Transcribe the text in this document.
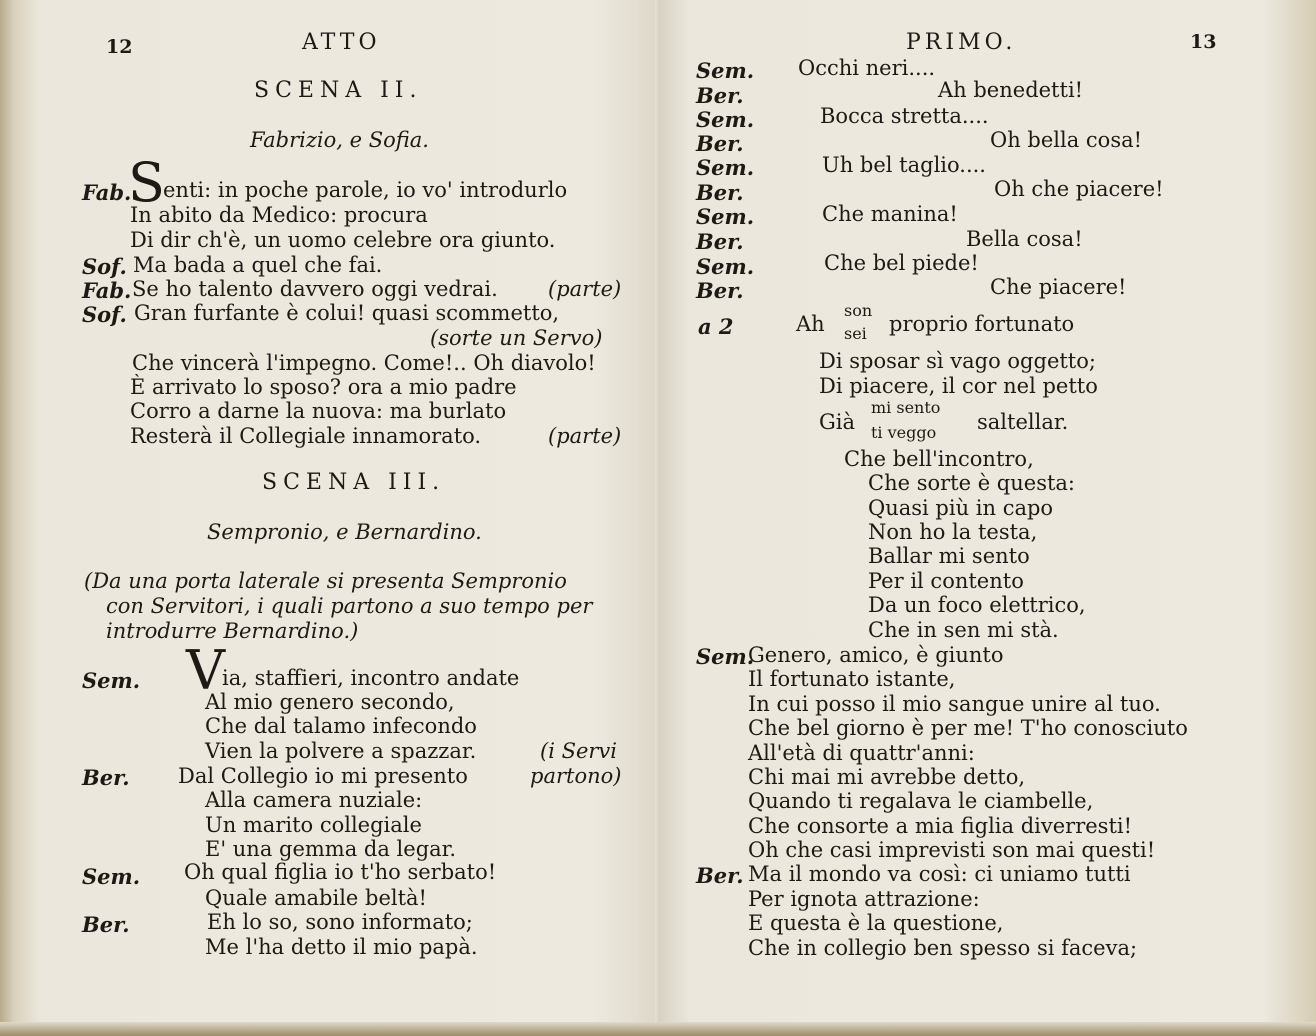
12	ATTO
SCENA II.
Fabrizio, e Sofia.
Fab.
S
enti: in poche parole, io vo' introdurlo
In abito da Medico: procura
Di dir ch'è, un uomo celebre ora giunto.
Sof. Ma bada a quel che fai.
Fab. Se ho talento davvero oggi vedrai. (parte)
Sof. Gran furfante è colui! quasi scommetto,
(sorte un Servo)
Che vincerà l'impegno. Come!.. Oh diavolo!
È arrivato lo sposo? ora a mio padre
Corro a darne la nuova: ma burlato
Resterà il Collegiale innamorato.	(parte)
SCENA III.
Sempronio, e Bernardino.
(Da una porta laterale si presenta Sempronio
con Servitori, i quali partono a suo tempo per
introdurre Bernardino.)
Sem. V
ia, staffieri, incontro andate
Al mio genero secondo,
Che dal talamo infecondo
Vien la polvere a spazzar.	(i Servi
Ber. Dal Collegio io mi presento	partono)
Alla camera nuziale:
Un marito collegiale
E' una gemma da legar.
Sem. Oh qual figlia io t'ho serbato!
Quale amabile beltà!
Ber.	Eh lo so, sono informato;
Me l'ha detto il mio papà.
PRIMO.	13
Sem. Occhi neri....
Ber.	Ah benedetti!
Sem.	Bocca stretta....
Ber.	Oh bella cosa!
Sem.	Uh bel taglio....
Ber.	Oh che piacere!
Sem.	Che manina!
Ber.	Bella cosa!
Sem.	Che bel piede!
Ber.	Che piacere!
a 2	Ah
son
sei proprio fortunato
Di sposar sì vago oggetto;
Di piacere, il cor nel petto
Già
mi sento
ti veggo saltellar.
Che bell'incontro,
Che sorte è questa:
Quasi più in capo
Non ho la testa,
Ballar mi sento
Per il contento
Da un foco elettrico,
Che in sen mi stà.
Sem.
Genero, amico, è giunto
Il fortunato istante,
In cui posso il mio sangue unire al tuo.
Che bel giorno è per me! T'ho conosciuto
All'età di quattr'anni:
Chi mai mi avrebbe detto,
Quando ti regalava le ciambelle,
Che consorte a mia figlia diverresti!
Oh che casi imprevisti son mai questi!
Ber. Ma il mondo va così: ci uniamo tutti
Per ignota attrazione:
E questa è la questione,
Che in collegio ben spesso si faceva;
